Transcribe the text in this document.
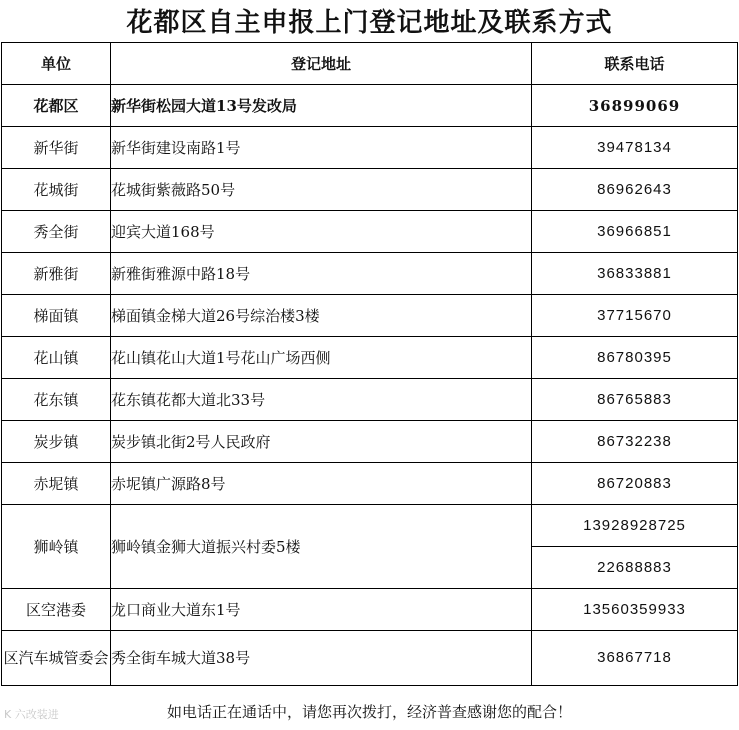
花都区自主申报上门登记地址及联系方式
单位	登记地址	联系电话
花都区	新华街松园大道13号发改局	36899069
新华街	新华街建设南路1号	39478134
花城街	花城街紫薇路50号	86962643
秀全街	迎宾大道168号	36966851
新雅街	新雅街雅源中路18号	36833881
梯面镇	梯面镇金梯大道26号综治楼3楼	37715670
花山镇	花山镇花山大道1号花山广场西侧	86780395
花东镇	花东镇花都大道北33号	86765883
炭步镇	炭步镇北街2号人民政府	86732238
赤坭镇	赤坭镇广源路8号	86720883
狮岭镇	狮岭镇金狮大道振兴村委5楼	13928928725
		22688883
区空港委	龙口商业大道东1号	13560359933
区汽车城管委会	秀全街车城大道38号	36867718
如电话正在通话中，请您再次拨打，经济普查感谢您的配合！
K 六改装进
